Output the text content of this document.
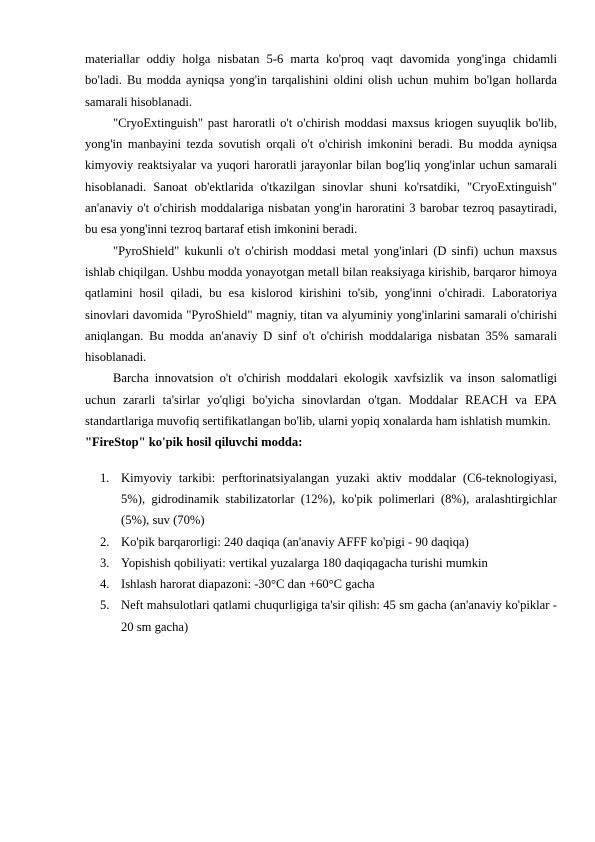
materiallar oddiy holga nisbatan 5-6 marta ko'proq vaqt davomida yong'inga chidamli bo'ladi. Bu modda ayniqsa yong'in tarqalishini oldini olish uchun muhim bo'lgan hollarda samarali hisoblanadi.

"CryoExtinguish" past haroratli o't o'chirish moddasi maxsus kriogen suyuqlik bo'lib, yong'in manbayini tezda sovutish orqali o't o'chirish imkonini beradi. Bu modda ayniqsa kimyoviy reaktsiyalar va yuqori haroratli jarayonlar bilan bog'liq yong'inlar uchun samarali hisoblanadi. Sanoat ob'ektlarida o'tkazilgan sinovlar shuni ko'rsatdiki, "CryoExtinguish" an'anaviy o't o'chirish moddalariga nisbatan yong'in haroratini 3 barobar tezroq pasaytiradi, bu esa yong'inni tezroq bartaraf etish imkonini beradi.

"PyroShield" kukunli o't o'chirish moddasi metal yong'inlari (D sinfi) uchun maxsus ishlab chiqilgan. Ushbu modda yonayotgan metall bilan reaksiyaga kirishib, barqaror himoya qatlamini hosil qiladi, bu esa kislorod kirishini to'sib, yong'inni o'chiradi. Laboratoriya sinovlari davomida "PyroShield" magniy, titan va alyuminiy yong'inlarini samarali o'chirishi aniqlangan. Bu modda an'anaviy D sinf o't o'chirish moddalariga nisbatan 35% samarali hisoblanadi.

Barcha innovatsion o't o'chirish moddalari ekologik xavfsizlik va inson salomatligi uchun zararli ta'sirlar yo'qligi bo'yicha sinovlardan o'tgan. Moddalar REACH va EPA standartlariga muvofiq sertifikatlangan bo'lib, ularni yopiq xonalarda ham ishlatish mumkin.

"FireStop" ko'pik hosil qiluvchi modda:

1. Kimyoviy tarkibi: perftorinatsiyalangan yuzaki aktiv moddalar (C6-teknologiyasi, 5%), gidrodinamik stabilizatorlar (12%), ko'pik polimerlari (8%), aralashtirgichlar (5%), suv (70%)
2. Ko'pik barqarorligi: 240 daqiqa (an'anaviy AFFF ko'pigi - 90 daqiqa)
3. Yopishish qobiliyati: vertikal yuzalarga 180 daqiqagacha turishi mumkin
4. Ishlash harorat diapazoni: -30°C dan +60°C gacha
5. Neft mahsulotlari qatlami chuqurligiga ta'sir qilish: 45 sm gacha (an'anaviy ko'piklar - 20 sm gacha)
